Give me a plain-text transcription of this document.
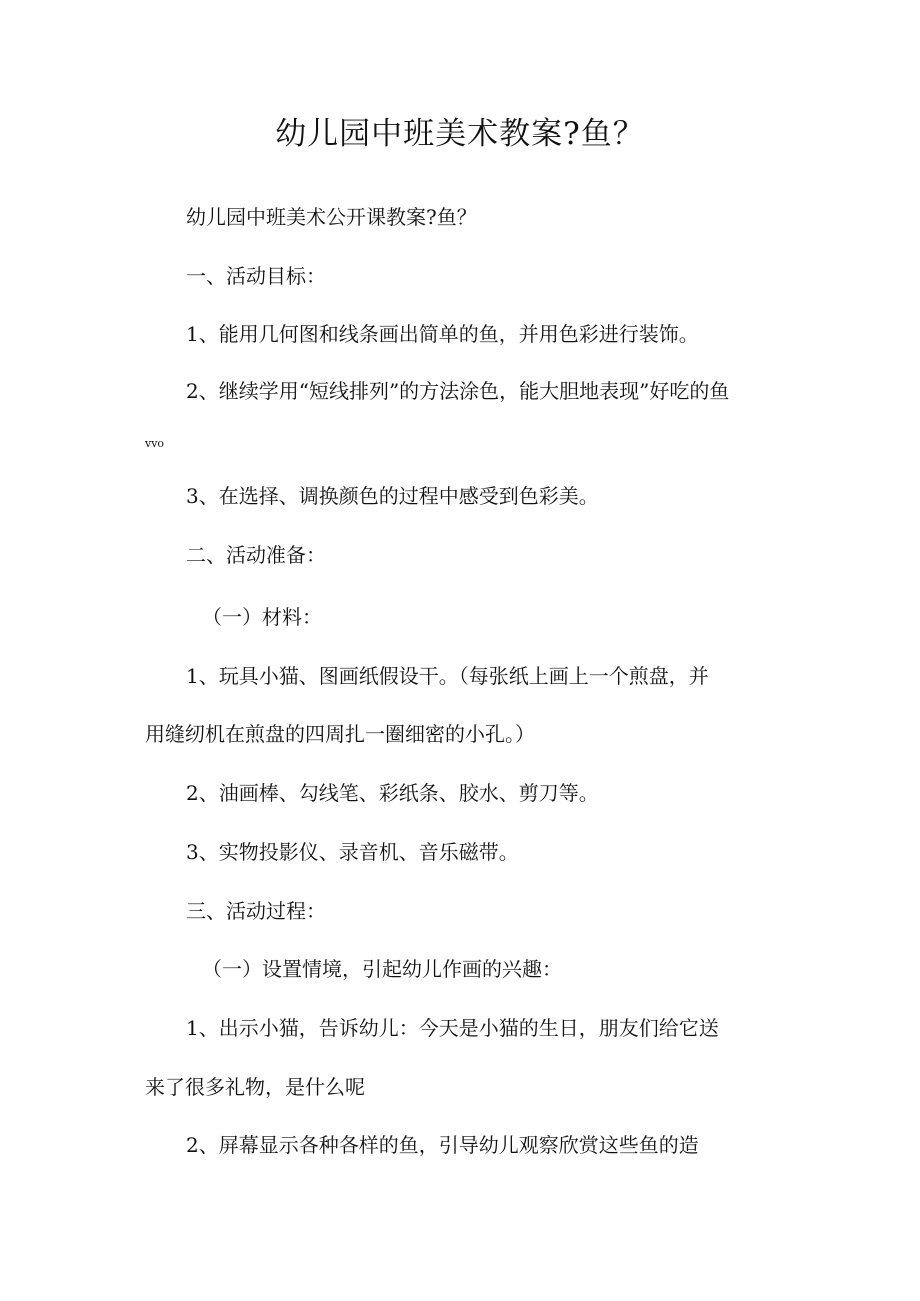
幼儿园中班美术教案?鱼？
幼儿园中班美术公开课教案?鱼？
一、活动目标：
1、能用几何图和线条画出简单的鱼，并用色彩进行装饰。
2、继续学用“短线排列”的方法涂色，能大胆地表现”好吃的鱼
vvo
3、在选择、调换颜色的过程中感受到色彩美。
二、活动准备：
（一）材料：
1、玩具小猫、图画纸假设干。（每张纸上画上一个煎盘，并
用缝纫机在煎盘的四周扎一圈细密的小孔。）
2、油画棒、勾线笔、彩纸条、胶水、剪刀等。
3、实物投影仪、录音机、音乐磁带。
三、活动过程：
（一）设置情境，引起幼儿作画的兴趣：
1、出示小猫，告诉幼儿：今天是小猫的生日，朋友们给它送
来了很多礼物，是什么呢
2、屏幕显示各种各样的鱼，引导幼儿观察欣赏这些鱼的造
